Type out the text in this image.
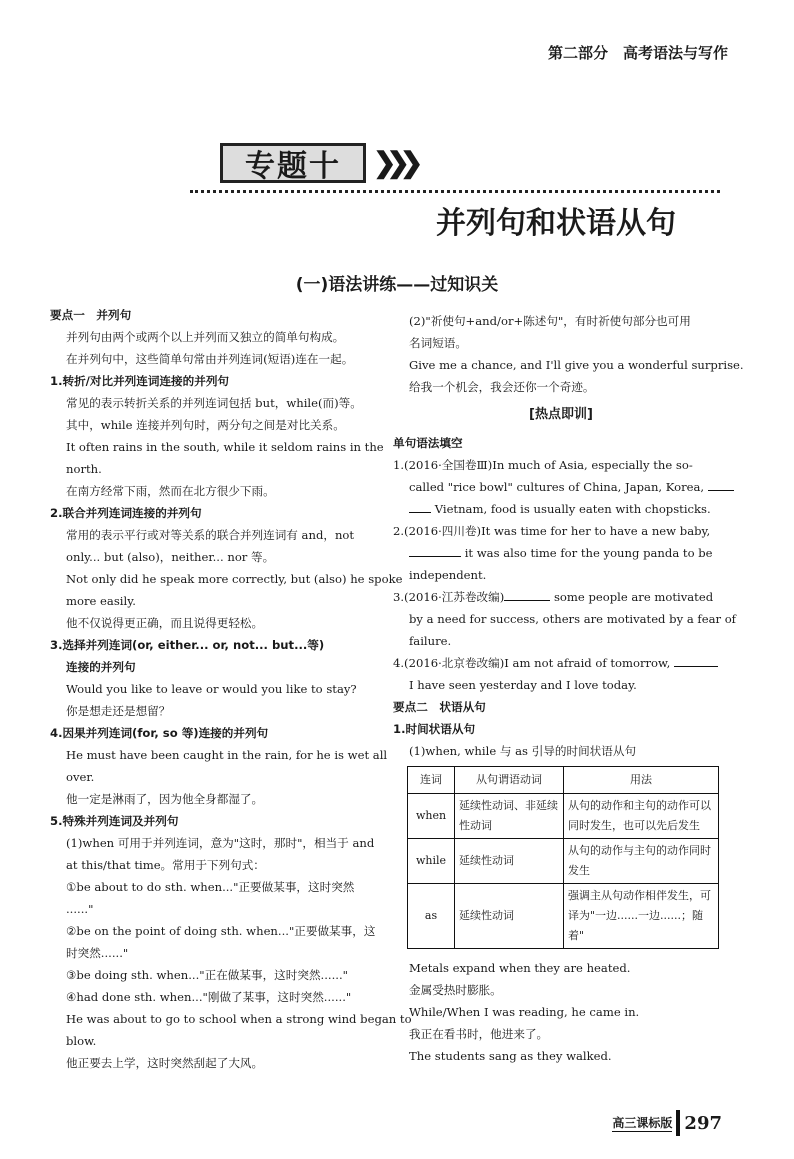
第二部分　高考语法与写作
专题十 ❯❯❯
并列句和状语从句
(一)语法讲练——过知识关
要点一　并列句
并列句由两个或两个以上并列而又独立的简单句构成。
在并列句中，这些简单句常由并列连词(短语)连在一起。
1.转折/对比并列连词连接的并列句
常见的表示转折关系的并列连词包括 but，while(而)等。
其中，while 连接并列句时，两分句之间是对比关系。
It often rains in the south, while it seldom rains in the
north.
在南方经常下雨，然而在北方很少下雨。
2.联合并列连词连接的并列句
常用的表示平行或对等关系的联合并列连词有 and，not
only... but (also)，neither... nor 等。
Not only did he speak more correctly, but (also) he spoke
more easily.
他不仅说得更正确，而且说得更轻松。
3.选择并列连词(or, either... or, not... but...等)
连接的并列句
Would you like to leave or would you like to stay?
你是想走还是想留？
4.因果并列连词(for, so 等)连接的并列句
He must have been caught in the rain, for he is wet all
over.
他一定是淋雨了，因为他全身都湿了。
5.特殊并列连词及并列句
(1)when 可用于并列连词，意为"这时，那时"，相当于 and
at this/that time。常用于下列句式：
①be about to do sth. when..."正要做某事，这时突然
......"
②be on the point of doing sth. when..."正要做某事，这
时突然......"
③be doing sth. when..."正在做某事，这时突然......"
④had done sth. when..."刚做了某事，这时突然......"
He was about to go to school when a strong wind began to
blow.
他正要去上学，这时突然刮起了大风。
(2)"祈使句+and/or+陈述句"，有时祈使句部分也可用
名词短语。
Give me a chance, and I'll give you a wonderful surprise.
给我一个机会，我会还你一个奇迹。
[热点即训]
单句语法填空
1.(2016·全国卷Ⅲ)In much of Asia, especially the so-
called "rice bowl" cultures of China, Japan, Korea,
Vietnam, food is usually eaten with chopsticks.
2.(2016·四川卷)It was time for her to have a new baby,
it was also time for the young panda to be
independent.
3.(2016·江苏卷改编)	some people are motivated
by a need for success, others are motivated by a fear of
failure.
4.(2016·北京卷改编)I am not afraid of tomorrow,
I have seen yesterday and I love today.
要点二　状语从句
1.时间状语从句
(1)when, while 与 as 引导的时间状语从句
连词	从句谓语动词	用法
when	延续性动词、非延续性动词	从句的动作和主句的动作可以同时发生，也可以先后发生
while	延续性动词	从句的动作与主句的动作同时发生
as	延续性动词	强调主从句动作相伴发生，可译为"一边......一边......；随着"
Metals expand when they are heated.
金属受热时膨胀。
While/When I was reading, he came in.
我正在看书时，他进来了。
The students sang as they walked.
高三课标版 297
